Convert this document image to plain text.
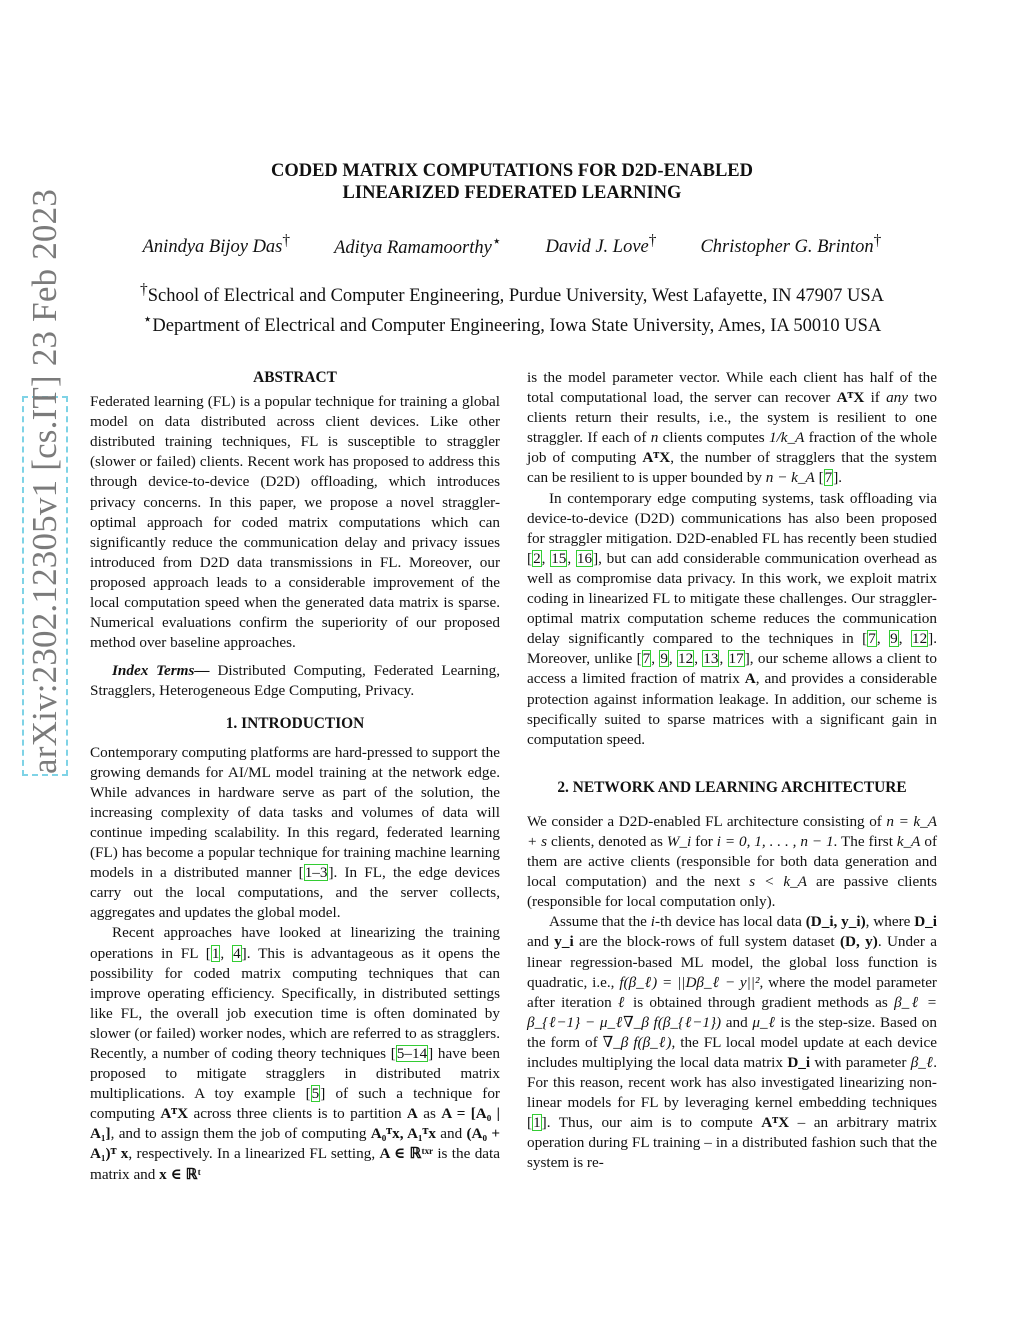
arXiv:2302.12305v1 [cs.IT] 23 Feb 2023
CODED MATRIX COMPUTATIONS FOR D2D-ENABLED
LINEARIZED FEDERATED LEARNING
Anindya Bijoy Das† Aditya Ramamoorthy⋆ David J. Love† Christopher G. Brinton†
†School of Electrical and Computer Engineering, Purdue University, West Lafayette, IN 47907 USA
⋆Department of Electrical and Computer Engineering, Iowa State University, Ames, IA 50010 USA

ABSTRACT

Federated learning (FL) is a popular technique for training a global model on data distributed across client devices. Like other distributed training techniques, FL is susceptible to straggler (slower or failed) clients. Recent work has proposed to address this through device-to-device (D2D) offloading, which introduces privacy concerns. In this paper, we propose a novel straggler-optimal approach for coded matrix computations which can significantly reduce the communication delay and privacy issues introduced from D2D data transmissions in FL. Moreover, our proposed approach leads to a considerable improvement of the local computation speed when the generated data matrix is sparse. Numerical evaluations confirm the superiority of our proposed method over baseline approaches.

Index Terms— Distributed Computing, Federated Learning, Stragglers, Heterogeneous Edge Computing, Privacy.

1. INTRODUCTION

Contemporary computing platforms are hard-pressed to support the growing demands for AI/ML model training at the network edge. While advances in hardware serve as part of the solution, the increasing complexity of data tasks and volumes of data will continue impeding scalability. In this regard, federated learning (FL) has become a popular technique for training machine learning models in a distributed manner [1–3]. In FL, the edge devices carry out the local computations, and the server collects, aggregates and updates the global model.

Recent approaches have looked at linearizing the training operations in FL [1, 4]. This is advantageous as it opens the possibility for coded matrix computing techniques that can improve operating efficiency. Specifically, in distributed settings like FL, the overall job execution time is often dominated by slower (or failed) worker nodes, which are referred to as stragglers. Recently, a number of coding theory techniques [5–14] have been proposed to mitigate stragglers in distributed matrix multiplications. A toy example [5] of such a technique for computing AᵀX across three clients is to partition A as A = [A₀ | A₁], and to assign them the job of computing A₀ᵀx, A₁ᵀx and (A₀ + A₁)ᵀ x, respectively. In a linearized FL setting, A ∈ ℝᵗˣʳ is the data matrix and x ∈ ℝᵗ

is the model parameter vector. While each client has half of the total computational load, the server can recover AᵀX if any two clients return their results, i.e., the system is resilient to one straggler. If each of n clients computes 1/k_A fraction of the whole job of computing AᵀX, the number of stragglers that the system can be resilient to is upper bounded by n − k_A [7].

In contemporary edge computing systems, task offloading via device-to-device (D2D) communications has also been proposed for straggler mitigation. D2D-enabled FL has recently been studied [2, 15, 16], but can add considerable communication overhead as well as compromise data privacy. In this work, we exploit matrix coding in linearized FL to mitigate these challenges. Our straggler-optimal matrix computation scheme reduces the communication delay significantly compared to the techniques in [7, 9, 12]. Moreover, unlike [7, 9, 12, 13, 17], our scheme allows a client to access a limited fraction of matrix A, and provides a considerable protection against information leakage. In addition, our scheme is specifically suited to sparse matrices with a significant gain in computation speed.

2. NETWORK AND LEARNING ARCHITECTURE

We consider a D2D-enabled FL architecture consisting of n = k_A + s clients, denoted as W_i for i = 0, 1, . . . , n − 1. The first k_A of them are active clients (responsible for both data generation and local computation) and the next s < k_A are passive clients (responsible for local computation only).

Assume that the i-th device has local data (D_i, y_i), where D_i and y_i are the block-rows of full system dataset (D, y). Under a linear regression-based ML model, the global loss function is quadratic, i.e., f(β_ℓ) = ||Dβ_ℓ − y||², where the model parameter after iteration ℓ is obtained through gradient methods as β_ℓ = β_{ℓ−1} − μ_ℓ∇_β f(β_{ℓ−1}) and μ_ℓ is the step-size. Based on the form of ∇_β f(β_ℓ), the FL local model update at each device includes multiplying the local data matrix D_i with parameter β_ℓ. For this reason, recent work has also investigated linearizing non-linear models for FL by leveraging kernel embedding techniques [1]. Thus, our aim is to compute AᵀX – an arbitrary matrix operation during FL training – in a distributed fashion such that the system is re-
